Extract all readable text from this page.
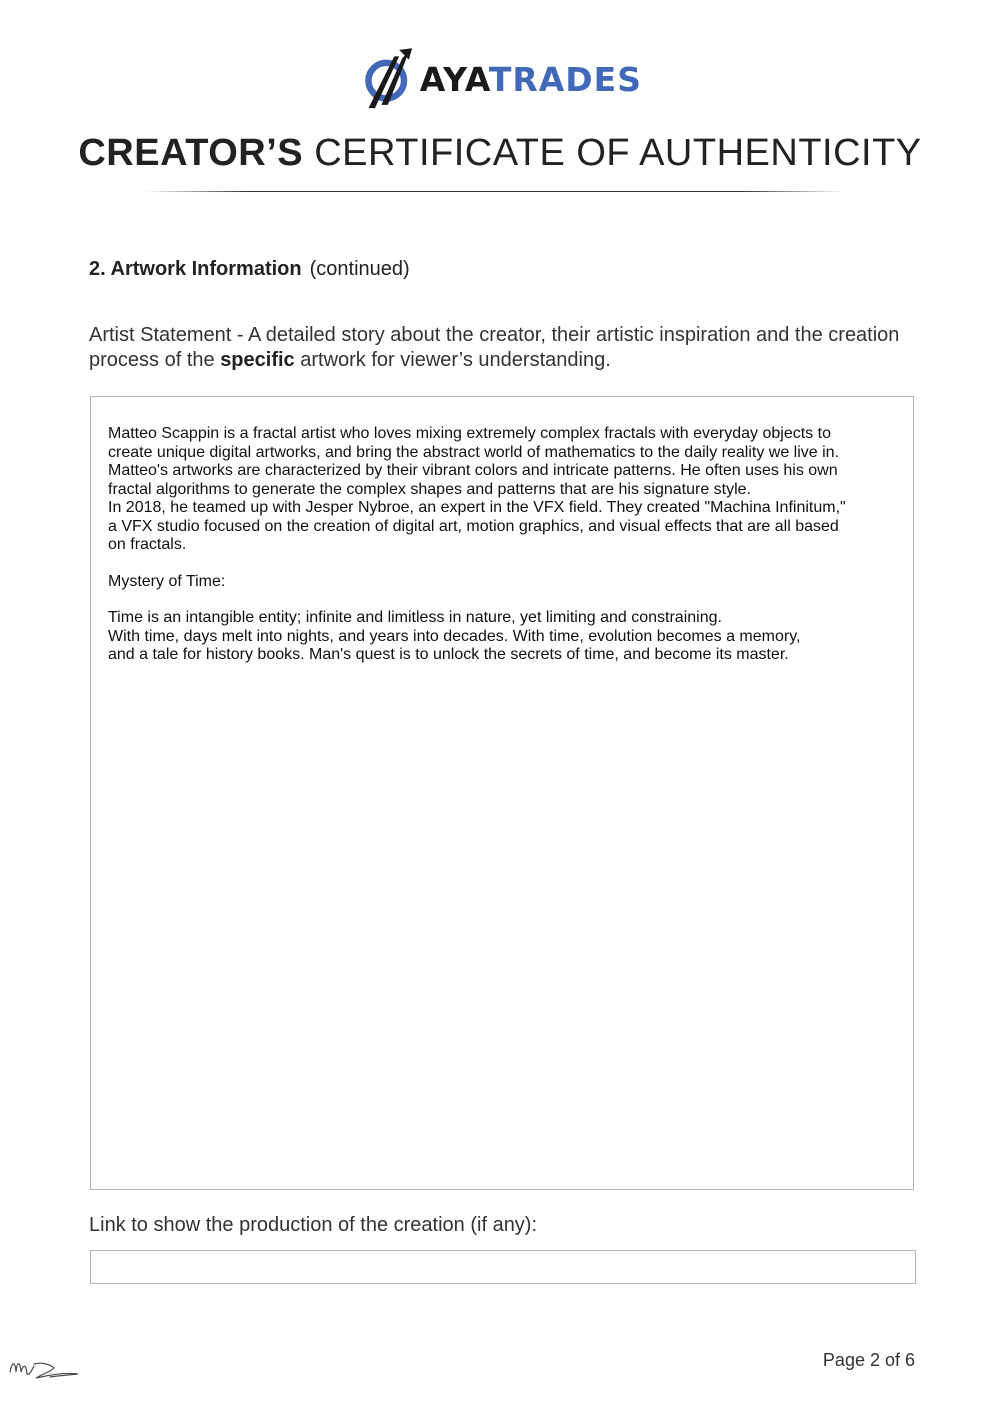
AYATRADES
CREATOR’S CERTIFICATE OF AUTHENTICITY
2. Artwork Information (continued)
Artist Statement - A detailed story about the creator, their artistic inspiration and the creation process of the specific artwork for viewer’s understanding.

Matteo Scappin is a fractal artist who loves mixing extremely complex fractals with everyday objects to
create unique digital artworks, and bring the abstract world of mathematics to the daily reality we live in.
Matteo's artworks are characterized by their vibrant colors and intricate patterns. He often uses his own
fractal algorithms to generate the complex shapes and patterns that are his signature style.
In 2018, he teamed up with Jesper Nybroe, an expert in the VFX field. They created "Machina Infinitum,"
a VFX studio focused on the creation of digital art, motion graphics, and visual effects that are all based
on fractals.

Mystery of Time:

Time is an intangible entity; infinite and limitless in nature, yet limiting and constraining.
With time, days melt into nights, and years into decades. With time, evolution becomes a memory,
and a tale for history books. Man's quest is to unlock the secrets of time, and become its master.

Link to show the production of the creation (if any):
Page 2 of 6
